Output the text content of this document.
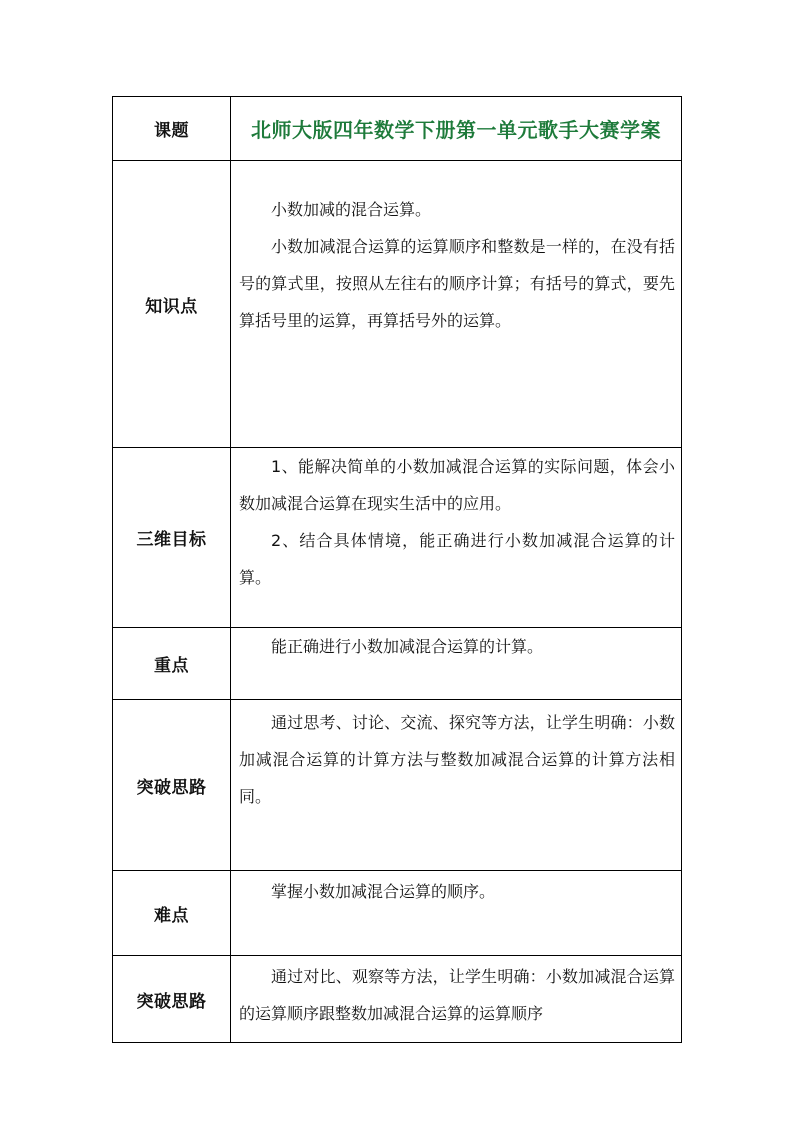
课题	北师大版四年数学下册第一单元歌手大赛学案
知识点	小数加减的混合运算。

小数加减混合运算的运算顺序和整数是一样的，在没有括号的算式里，按照从左往右的顺序计算；有括号的算式，要先算括号里的运算，再算括号外的运算。

三维目标	1、能解决简单的小数加减混合运算的实际问题，体会小数加减混合运算在现实生活中的应用。

2、结合具体情境，能正确进行小数加减混合运算的计算。

重点	能正确进行小数加减混合运算的计算。

突破思路	通过思考、讨论、交流、探究等方法，让学生明确：小数加减混合运算的计算方法与整数加减混合运算的计算方法相同。

难点	掌握小数加减混合运算的顺序。

突破思路	通过对比、观察等方法，让学生明确：小数加减混合运算的运算顺序跟整数加减混合运算的运算顺序
